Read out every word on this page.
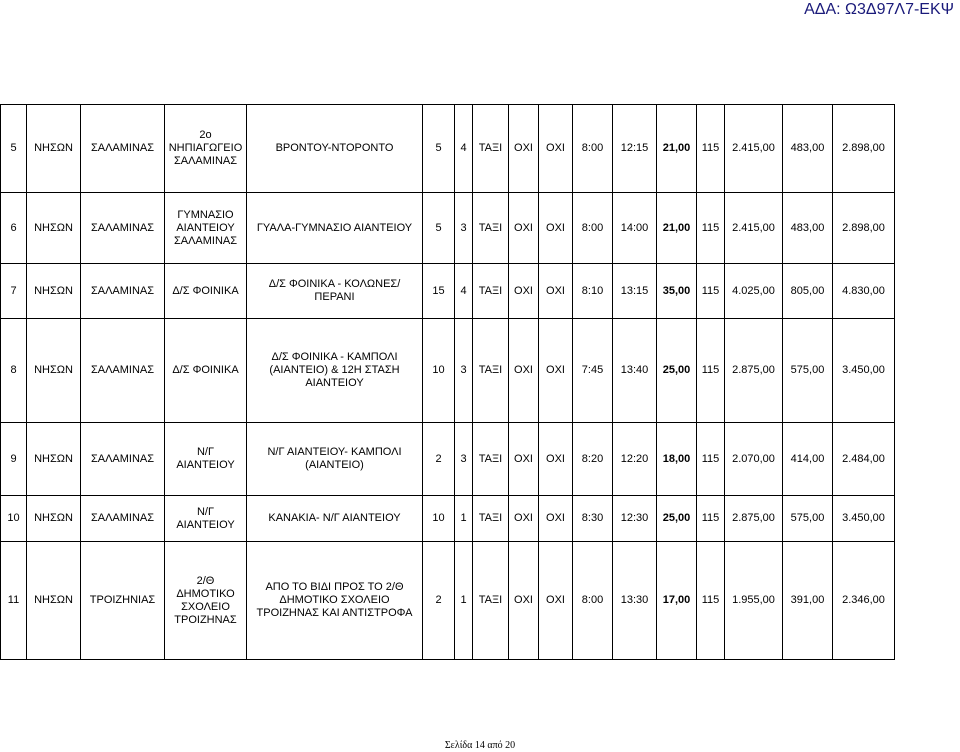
ΑΔΑ: Ω3Δ97Λ7-ΕΚΨ
5	ΝΗΣΩΝ	ΣΑΛΑΜΙΝΑΣ	2ο ΝΗΠΙΑΓΩΓΕΙΟ ΣΑΛΑΜΙΝΑΣ	ΒΡΟΝΤΟΥ-ΝΤΟΡΟΝΤΟ	5	4	ΤΑΞΙ	ΟΧΙ	ΟΧΙ	8:00	12:15	21,00	115	2.415,00	483,00	2.898,00
6	ΝΗΣΩΝ	ΣΑΛΑΜΙΝΑΣ	ΓΥΜΝΑΣΙΟ ΑΙΑΝΤΕΙΟΥ ΣΑΛΑΜΙΝΑΣ	ΓΥΑΛΑ-ΓΥΜΝΑΣΙΟ ΑΙΑΝΤΕΙΟΥ	5	3	ΤΑΞΙ	ΟΧΙ	ΟΧΙ	8:00	14:00	21,00	115	2.415,00	483,00	2.898,00
7	ΝΗΣΩΝ	ΣΑΛΑΜΙΝΑΣ	Δ/Σ ΦΟΙΝΙΚΑ	Δ/Σ ΦΟΙΝΙΚΑ - ΚΟΛΩΝΕΣ/ΠΕΡΑΝΙ	15	4	ΤΑΞΙ	ΟΧΙ	ΟΧΙ	8:10	13:15	35,00	115	4.025,00	805,00	4.830,00
8	ΝΗΣΩΝ	ΣΑΛΑΜΙΝΑΣ	Δ/Σ ΦΟΙΝΙΚΑ	Δ/Σ ΦΟΙΝΙΚΑ - ΚΑΜΠΟΛΙ (ΑΙΑΝΤΕΙΟ) & 12Η ΣΤΑΣΗ ΑΙΑΝΤΕΙΟΥ	10	3	ΤΑΞΙ	ΟΧΙ	ΟΧΙ	7:45	13:40	25,00	115	2.875,00	575,00	3.450,00
9	ΝΗΣΩΝ	ΣΑΛΑΜΙΝΑΣ	Ν/Γ ΑΙΑΝΤΕΙΟΥ	Ν/Γ ΑΙΑΝΤΕΙΟΥ- ΚΑΜΠΟΛΙ (ΑΙΑΝΤΕΙΟ)	2	3	ΤΑΞΙ	ΟΧΙ	ΟΧΙ	8:20	12:20	18,00	115	2.070,00	414,00	2.484,00
10	ΝΗΣΩΝ	ΣΑΛΑΜΙΝΑΣ	Ν/Γ ΑΙΑΝΤΕΙΟΥ	ΚΑΝΑΚΙΑ- Ν/Γ ΑΙΑΝΤΕΙΟΥ	10	1	ΤΑΞΙ	ΟΧΙ	ΟΧΙ	8:30	12:30	25,00	115	2.875,00	575,00	3.450,00
11	ΝΗΣΩΝ	ΤΡΟΙΖΗΝΙΑΣ	2/Θ ΔΗΜΟΤΙΚΟ ΣΧΟΛΕΙΟ ΤΡΟΙΖΗΝΑΣ	ΑΠΟ ΤΟ ΒΙΔΙ ΠΡΟΣ ΤΟ 2/Θ ΔΗΜΟΤΙΚΟ ΣΧΟΛΕΙΟ ΤΡΟΙΖΗΝΑΣ ΚΑΙ ΑΝΤΙΣΤΡΟΦΑ	2	1	ΤΑΞΙ	ΟΧΙ	ΟΧΙ	8:00	13:30	17,00	115	1.955,00	391,00	2.346,00
Σελίδα 14 από 20
